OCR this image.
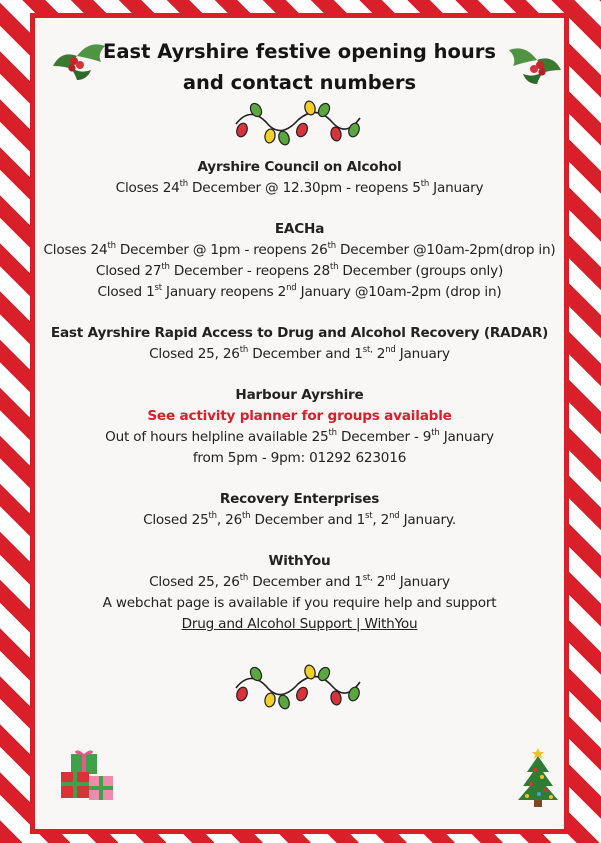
East Ayrshire festive opening hours
and contact numbers
Ayrshire Council on Alcohol
Closes 24th December @ 12.30pm - reopens 5th January
EACHa
Closes 24th December @ 1pm - reopens 26th December @10am-2pm(drop in)
Closed 27th December - reopens 28th December (groups only)
Closed 1st January reopens 2nd January @10am-2pm (drop in)
East Ayrshire Rapid Access to Drug and Alcohol Recovery (RADAR)
Closed 25, 26th December and $1^{st,}$ 2nd January
Harbour Ayrshire
See activity planner for groups available
Out of hours helpline available 25th December - 9th January
from 5pm - 9pm: 01292 623016
Recovery Enterprises
Closed 25th, 26th December and 1st, 2nd January.
WithYou
Closed 25, 26th December and $1^{st,}$ 2nd January
A webchat page is available if you require help and support
Drug and Alcohol Support | WithYou
